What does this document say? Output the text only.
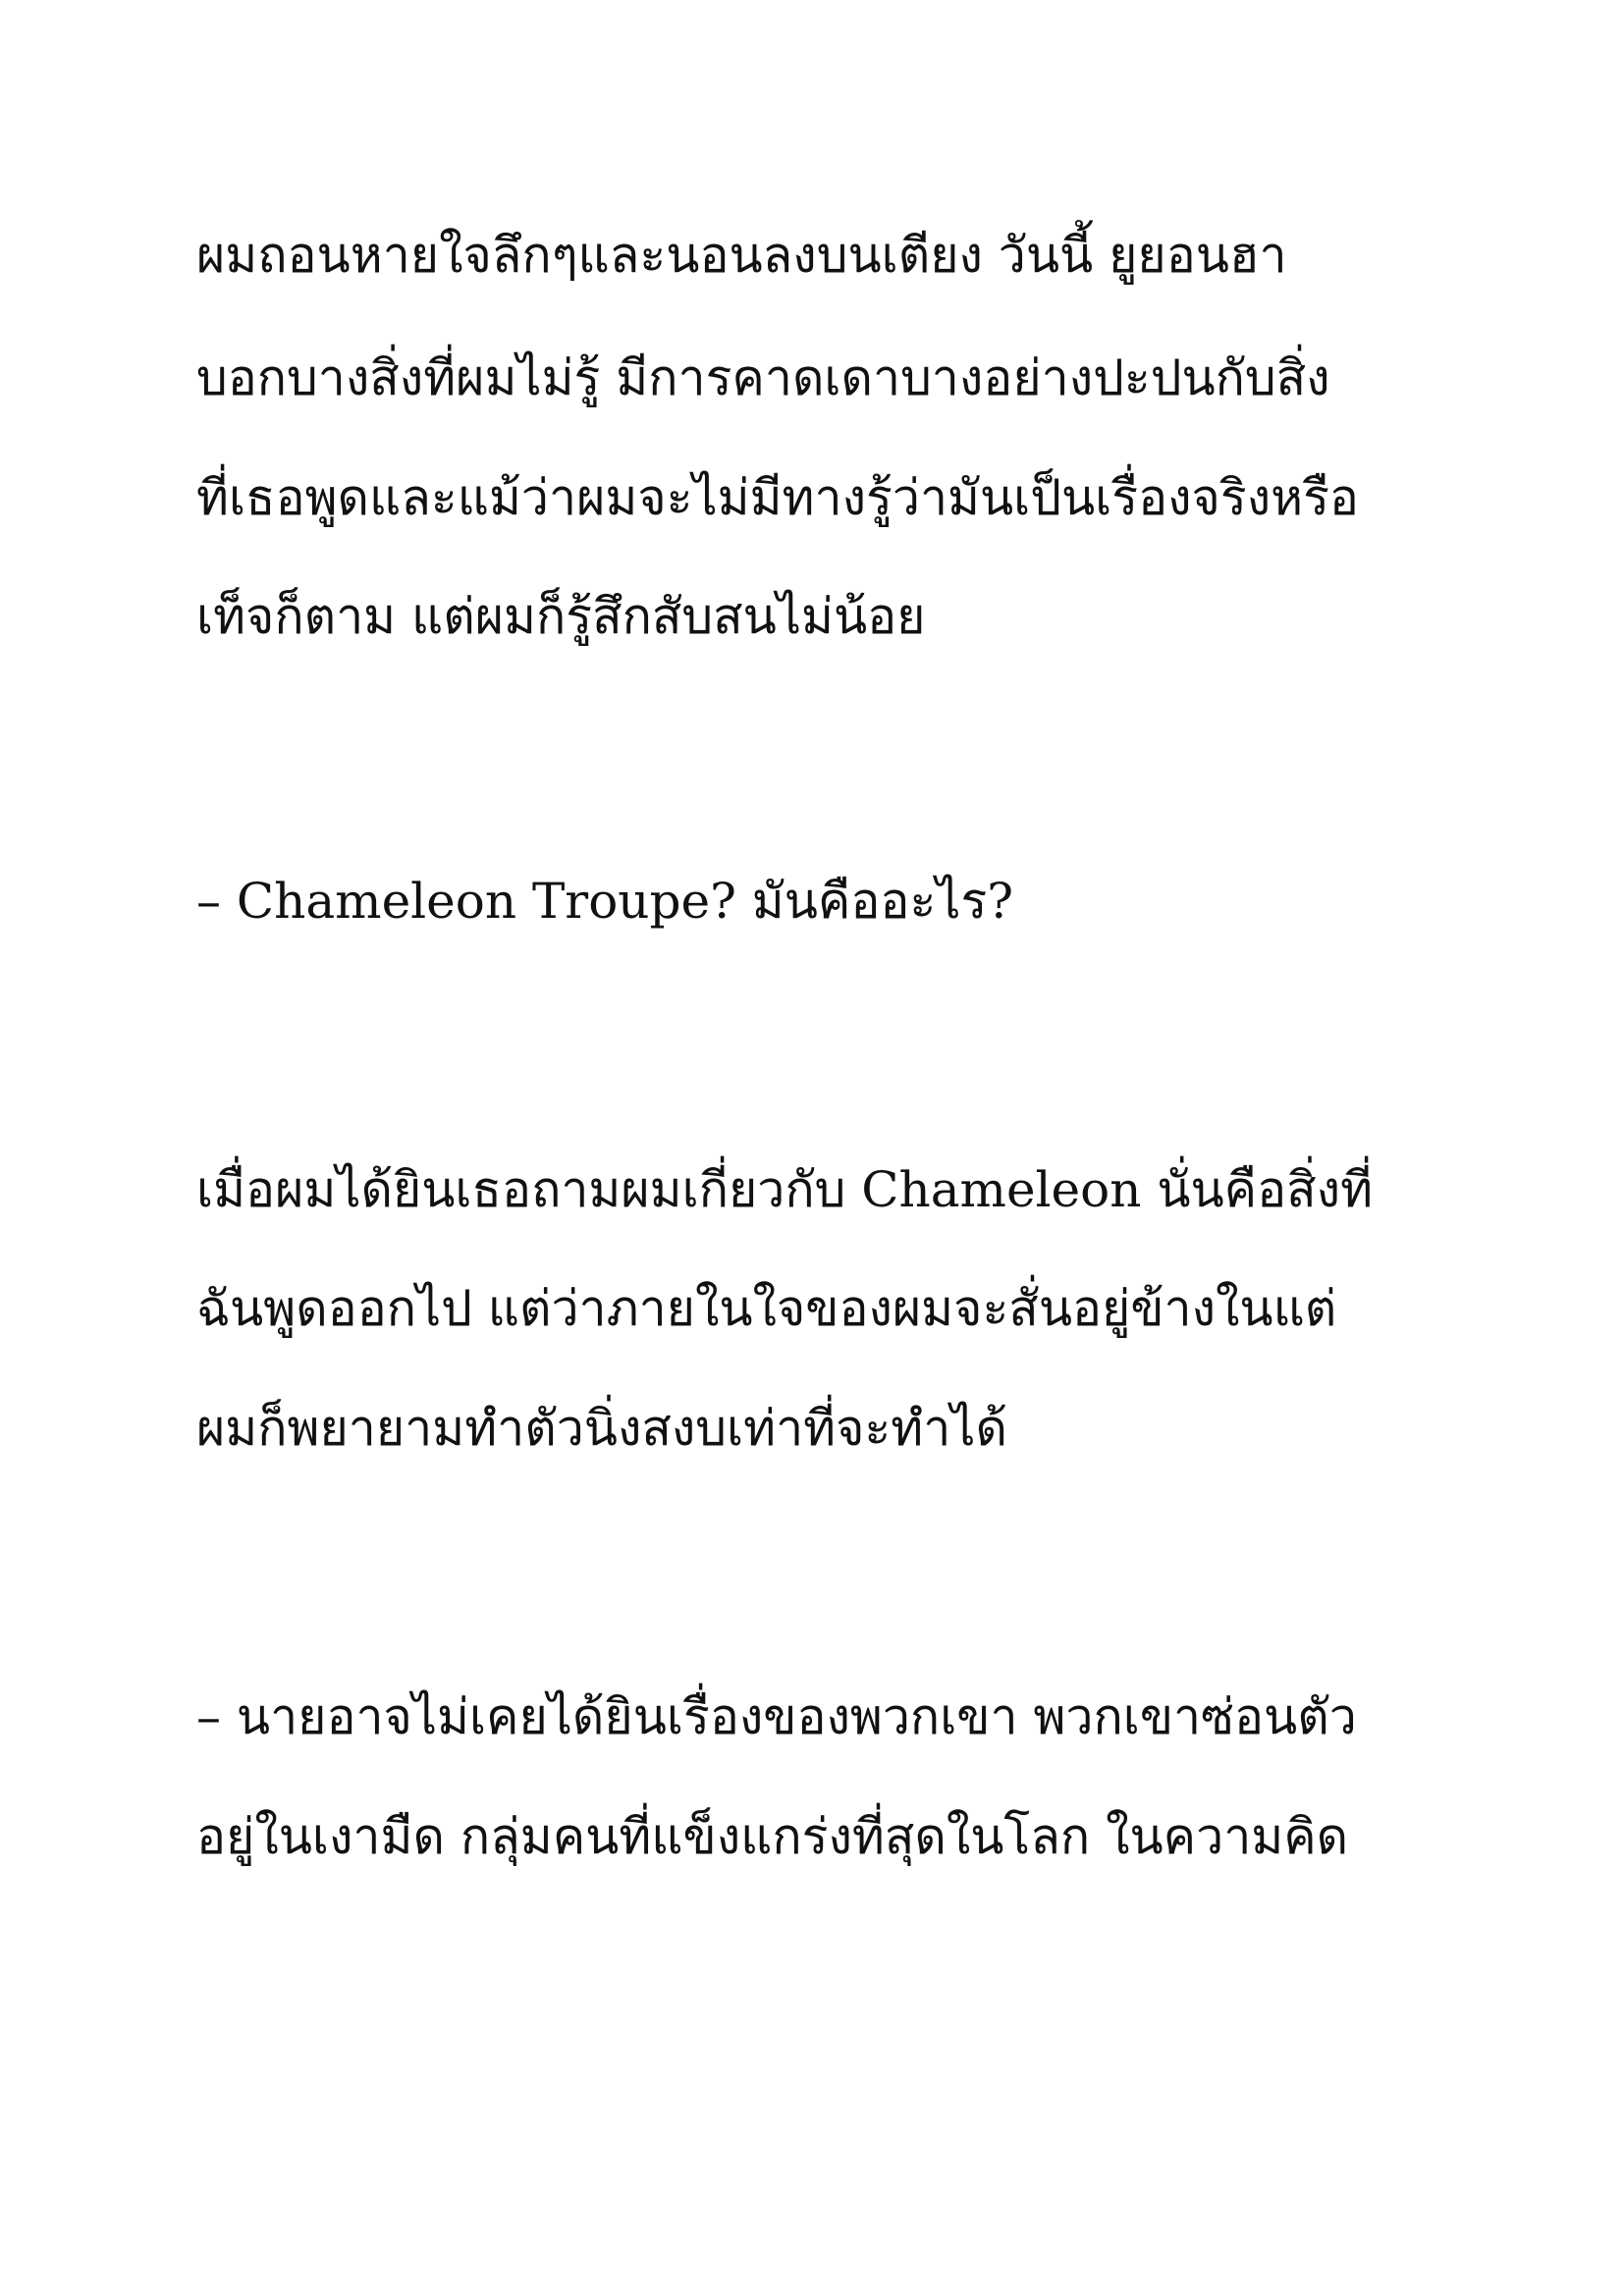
ผมถอนหายใจลึกๆและนอนลงบนเตียง วันนี้ ยูยอนฮา
บอกบางสิ่งที่ผมไม่รู้ มีการคาดเดาบางอย่างปะปนกับสิ่ง
ที่เธอพูดและแม้ว่าผมจะไม่มีทางรู้ว่ามันเป็นเรื่องจริงหรือ
เท็จก็ตาม แต่ผมก็รู้สึกสับสนไม่น้อย
– Chameleon Troupe? มันคืออะไร?
เมื่อผมได้ยินเธอถามผมเกี่ยวกับ Chameleon นั่นคือสิ่งที่
ฉันพูดออกไป แต่ว่าภายในใจของผมจะสั่นอยู่ข้างในแต่
ผมก็พยายามทำตัวนิ่งสงบเท่าที่จะทำได้
– นายอาจไม่เคยได้ยินเรื่องของพวกเขา พวกเขาซ่อนตัว
อยู่ในเงามืด กลุ่มคนที่แข็งแกร่งที่สุดในโลก ในความคิด
